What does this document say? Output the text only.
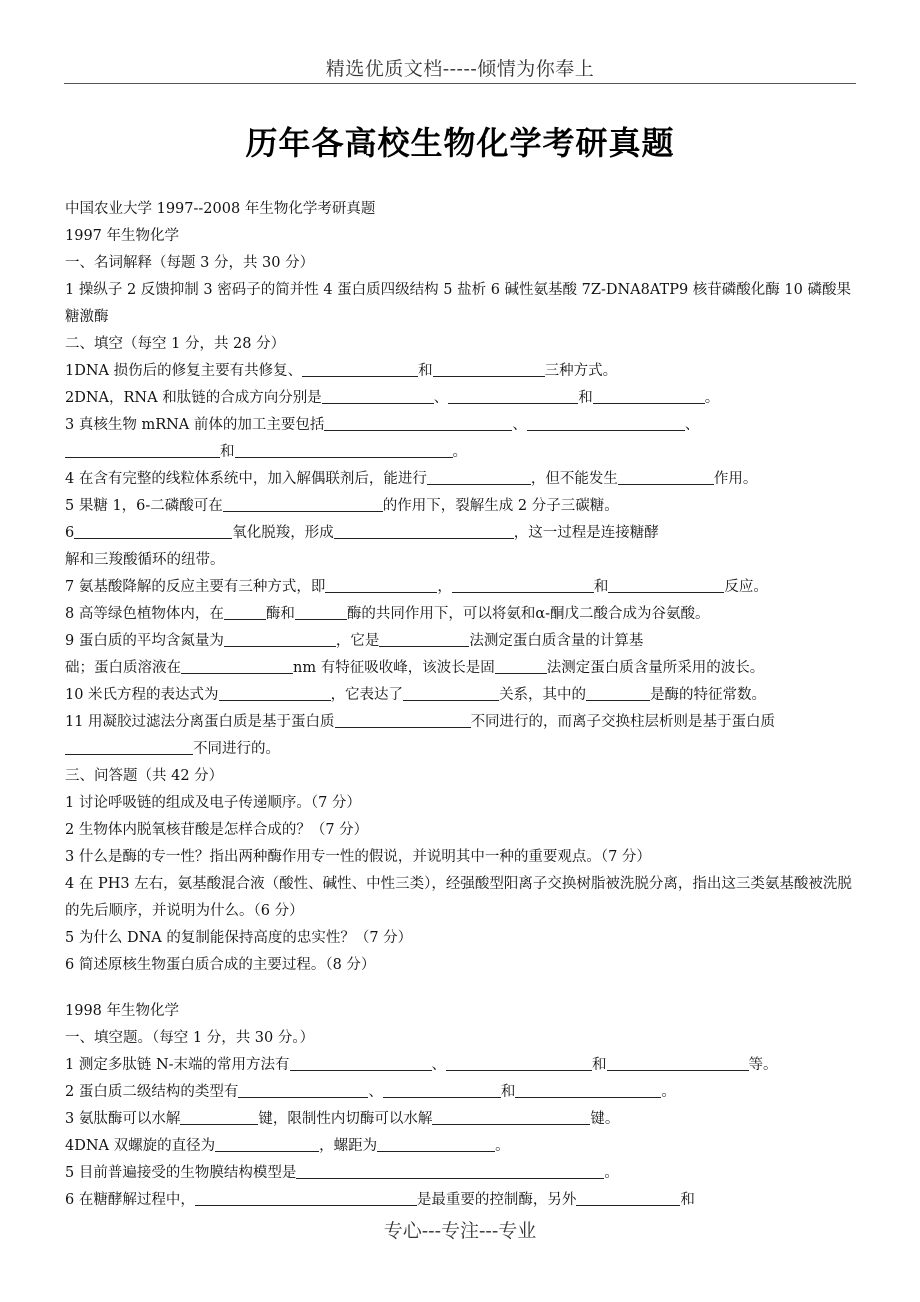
精选优质文档-----倾情为你奉上
历年各高校生物化学考研真题
中国农业大学 1997--2008 年生物化学考研真题
1997 年生物化学
一、名词解释（每题 3 分，共 30 分）
1 操纵子 2 反馈抑制 3 密码子的简并性 4 蛋白质四级结构 5 盐析 6 碱性氨基酸 7Z-DNA8ATP9 核苷磷酸化酶 10 磷酸果糖激酶
二、填空（每空 1 分，共 28 分）
1DNA 损伤后的修复主要有共修复、	和	三种方式。
2DNA，RNA 和肽链的合成方向分别是	、	和	。
3 真核生物 mRNA 前体的加工主要包括	、	、
和	。
4 在含有完整的线粒体系统中，加入解偶联剂后，能进行	，但不能发生	作用。
5 果糖 1，6-二磷酸可在	的作用下，裂解生成 2 分子三碳糖。
6	氧化脱羧，形成	，这一过程是连接糖酵
解和三羧酸循环的纽带。
7 氨基酸降解的反应主要有三种方式，即	，	和	反应。
8 高等绿色植物体内，在	酶和	酶的共同作用下，可以将氨和α-酮戊二酸合成为谷氨酸。
9 蛋白质的平均含氮量为	，它是	法测定蛋白质含量的计算基
础；蛋白质溶液在	nm 有特征吸收峰，该波长是固	法测定蛋白质含量所采用的波长。
10 米氏方程的表达式为	，它表达了	关系，其中的	是酶的特征常数。
11 用凝胶过滤法分离蛋白质是基于蛋白质	不同进行的，而离子交换柱层析则是基于蛋白质
不同进行的。
三、问答题（共 42 分）
1 讨论呼吸链的组成及电子传递顺序。（7 分）
2 生物体内脱氧核苷酸是怎样合成的？（7 分）
3 什么是酶的专一性？指出两种酶作用专一性的假说，并说明其中一种的重要观点。（7 分）
4 在 PH3 左右，氨基酸混合液（酸性、碱性、中性三类），经强酸型阳离子交换树脂被洗脱分离，指出这三类氨基酸被洗脱的先后顺序，并说明为什么。（6 分）
5 为什么 DNA 的复制能保持高度的忠实性？（7 分）
6 简述原核生物蛋白质合成的主要过程。（8 分）
1998 年生物化学
一、填空题。（每空 1 分，共 30 分。）
1 测定多肽链 N-末端的常用方法有	、	和	等。
2 蛋白质二级结构的类型有	、	和	。
3 氨肽酶可以水解	键，限制性内切酶可以水解	键。
4DNA 双螺旋的直径为	，螺距为	。
5 目前普遍接受的生物膜结构模型是	。
6 在糖酵解过程中，	是最重要的控制酶，另外	和
专心---专注---专业
